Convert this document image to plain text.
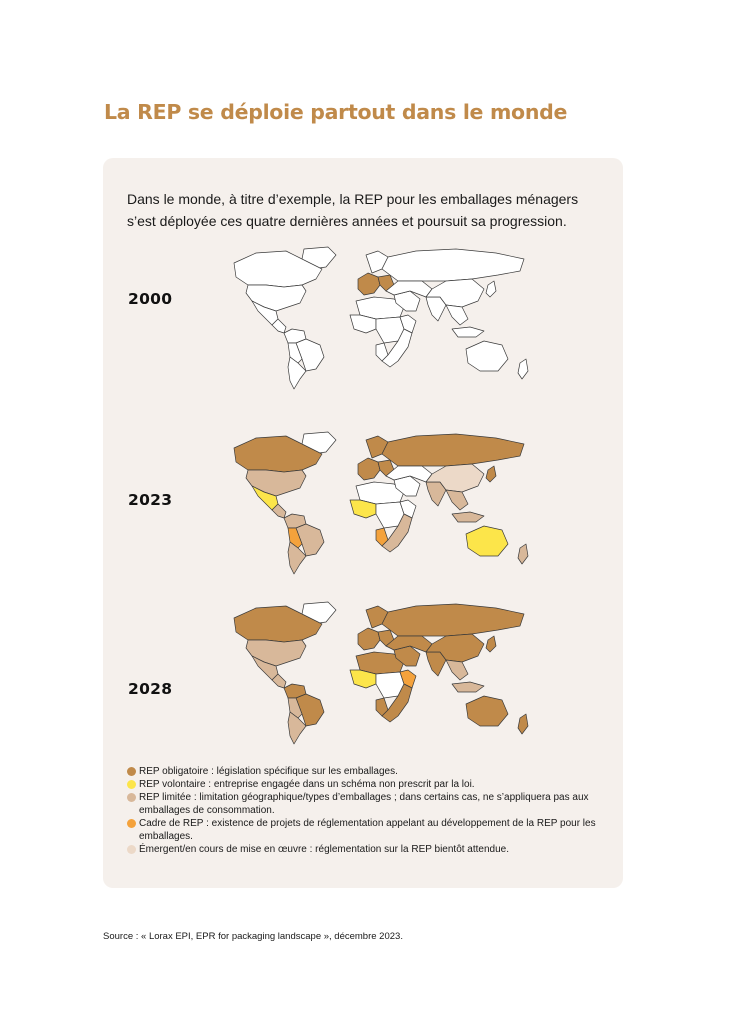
La REP se déploie partout dans le monde

Dans le monde, à titre d’exemple, la REP pour les emballages ménagers s’est déployée ces quatre dernières années et poursuit sa progression.

2000
2023
2028
REP obligatoire : législation spécifique sur les emballages.
REP volontaire : entreprise engagée dans un schéma non prescrit par la loi.
REP limitée : limitation géographique/types d’emballages ; dans certains cas, ne s’appliquera pas aux emballages de consommation.
Cadre de REP : existence de projets de réglementation appelant au développement de la REP pour les emballages.
Émergent/en cours de mise en œuvre : réglementation sur la REP bientôt attendue.

Source : « Lorax EPI, EPR for packaging landscape », décembre 2023.
